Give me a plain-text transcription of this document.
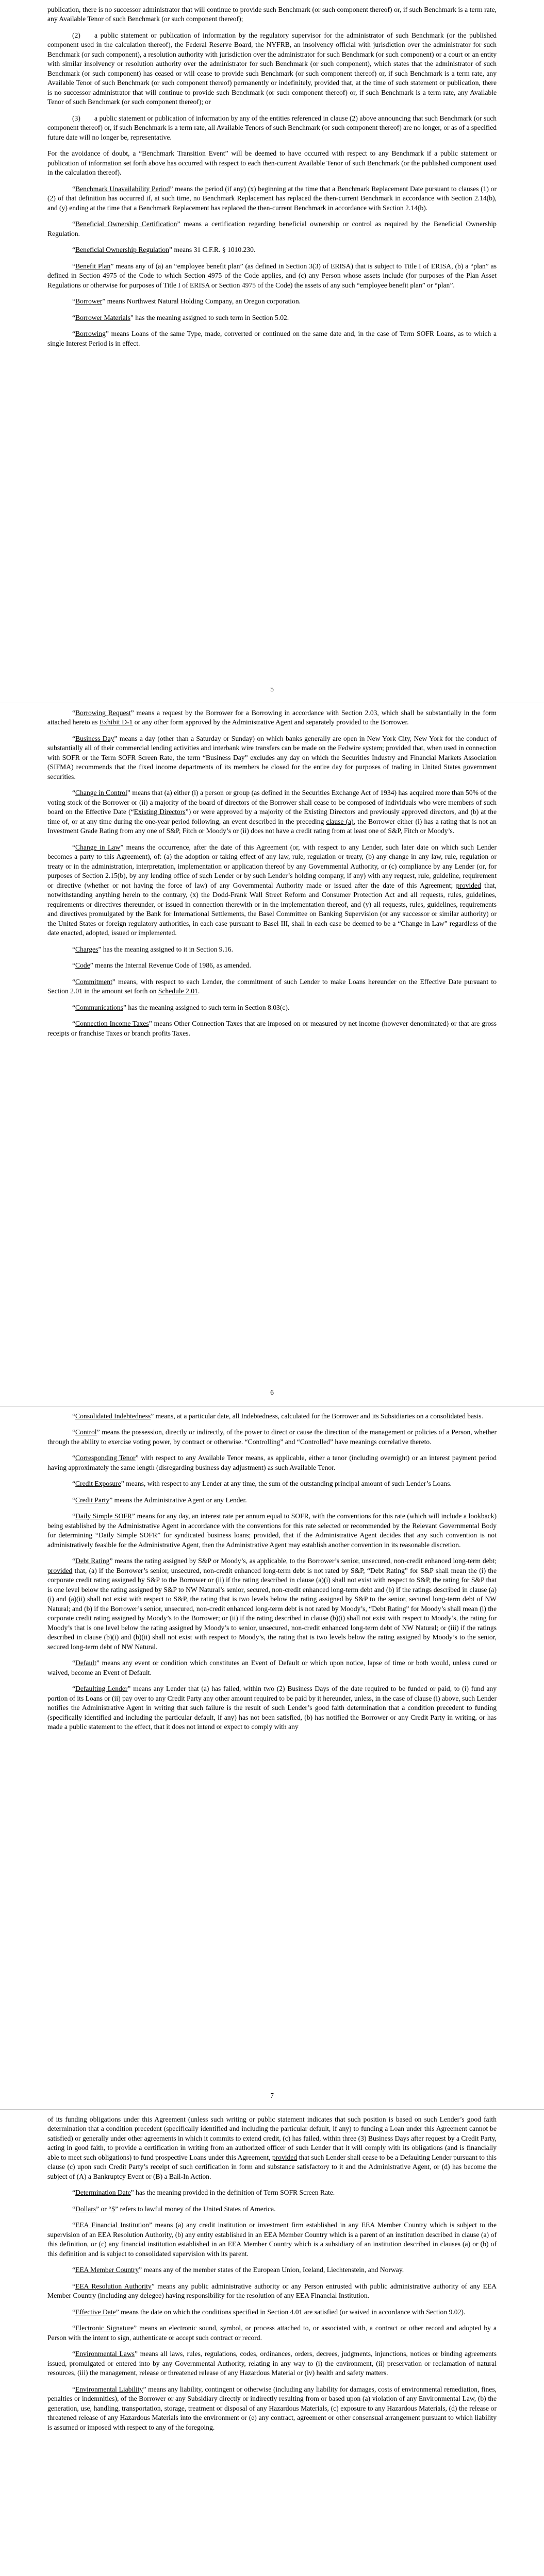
publication, there is no successor administrator that will continue to provide such Benchmark (or such component thereof) or, if such Benchmark is a term rate, any Available Tenor of such Benchmark (or such component thereof);

(2)  a public statement or publication of information by the regulatory supervisor for the administrator of such Benchmark (or the published component used in the calculation thereof), the Federal Reserve Board, the NYFRB, an insolvency official with jurisdiction over the administrator for such Benchmark (or such component), a resolution authority with jurisdiction over the administrator for such Benchmark (or such component) or a court or an entity with similar insolvency or resolution authority over the administrator for such Benchmark (or such component), which states that the administrator of such Benchmark (or such component) has ceased or will cease to provide such Benchmark (or such component thereof) or, if such Benchmark is a term rate, any Available Tenor of such Benchmark (or such component thereof) permanently or indefinitely, provided that, at the time of such statement or publication, there is no successor administrator that will continue to provide such Benchmark (or such component thereof) or, if such Benchmark is a term rate, any Available Tenor of such Benchmark (or such component thereof); or

(3)  a public statement or publication of information by any of the entities referenced in clause (2) above announcing that such Benchmark (or such component thereof) or, if such Benchmark is a term rate, all Available Tenors of such Benchmark (or such component thereof) are no longer, or as of a specified future date will no longer be, representative.

For the avoidance of doubt, a “Benchmark Transition Event” will be deemed to have occurred with respect to any Benchmark if a public statement or publication of information set forth above has occurred with respect to each then-current Available Tenor of such Benchmark (or the published component used in the calculation thereof).

“Benchmark Unavailability Period” means the period (if any) (x) beginning at the time that a Benchmark Replacement Date pursuant to clauses (1) or (2) of that definition has occurred if, at such time, no Benchmark Replacement has replaced the then-current Benchmark in accordance with Section 2.14(b), and (y) ending at the time that a Benchmark Replacement has replaced the then-current Benchmark in accordance with Section 2.14(b).

“Beneficial Ownership Certification” means a certification regarding beneficial ownership or control as required by the Beneficial Ownership Regulation.

“Beneficial Ownership Regulation” means 31 C.F.R. § 1010.230.

“Benefit Plan” means any of (a) an “employee benefit plan” (as defined in Section 3(3) of ERISA) that is subject to Title I of ERISA, (b) a “plan” as defined in Section 4975 of the Code to which Section 4975 of the Code applies, and (c) any Person whose assets include (for purposes of the Plan Asset Regulations or otherwise for purposes of Title I of ERISA or Section 4975 of the Code) the assets of any such “employee benefit plan” or “plan”.

“Borrower” means Northwest Natural Holding Company, an Oregon corporation.

“Borrower Materials” has the meaning assigned to such term in Section 5.02.

“Borrowing” means Loans of the same Type, made, converted or continued on the same date and, in the case of Term SOFR Loans, as to which a single Interest Period is in effect.

5

“Borrowing Request” means a request by the Borrower for a Borrowing in accordance with Section 2.03, which shall be substantially in the form attached hereto as Exhibit D-1 or any other form approved by the Administrative Agent and separately provided to the Borrower.

“Business Day” means a day (other than a Saturday or Sunday) on which banks generally are open in New York City, New York for the conduct of substantially all of their commercial lending activities and interbank wire transfers can be made on the Fedwire system; provided that, when used in connection with SOFR or the Term SOFR Screen Rate, the term “Business Day” excludes any day on which the Securities Industry and Financial Markets Association (SIFMA) recommends that the fixed income departments of its members be closed for the entire day for purposes of trading in United States government securities.

“Change in Control” means that (a) either (i) a person or group (as defined in the Securities Exchange Act of 1934) has acquired more than 50% of the voting stock of the Borrower or (ii) a majority of the board of directors of the Borrower shall cease to be composed of individuals who were members of such board on the Effective Date (“Existing Directors”) or were approved by a majority of the Existing Directors and previously approved directors, and (b) at the time of, or at any time during the one-year period following, an event described in the preceding clause (a), the Borrower either (i) has a rating that is not an Investment Grade Rating from any one of S&P, Fitch or Moody’s or (ii) does not have a credit rating from at least one of S&P, Fitch or Moody’s.

“Change in Law” means the occurrence, after the date of this Agreement (or, with respect to any Lender, such later date on which such Lender becomes a party to this Agreement), of: (a) the adoption or taking effect of any law, rule, regulation or treaty, (b) any change in any law, rule, regulation or treaty or in the administration, interpretation, implementation or application thereof by any Governmental Authority, or (c) compliance by any Lender (or, for purposes of Section 2.15(b), by any lending office of such Lender or by such Lender’s holding company, if any) with any request, rule, guideline, requirement or directive (whether or not having the force of law) of any Governmental Authority made or issued after the date of this Agreement; provided that, notwithstanding anything herein to the contrary, (x) the Dodd-Frank Wall Street Reform and Consumer Protection Act and all requests, rules, guidelines, requirements or directives thereunder, or issued in connection therewith or in the implementation thereof, and (y) all requests, rules, guidelines, requirements and directives promulgated by the Bank for International Settlements, the Basel Committee on Banking Supervision (or any successor or similar authority) or the United States or foreign regulatory authorities, in each case pursuant to Basel III, shall in each case be deemed to be a “Change in Law” regardless of the date enacted, adopted, issued or implemented.

“Charges” has the meaning assigned to it in Section 9.16.

“Code” means the Internal Revenue Code of 1986, as amended.

“Commitment” means, with respect to each Lender, the commitment of such Lender to make Loans hereunder on the Effective Date pursuant to Section 2.01 in the amount set forth on Schedule 2.01.

“Communications” has the meaning assigned to such term in Section 8.03(c).

“Connection Income Taxes” means Other Connection Taxes that are imposed on or measured by net income (however denominated) or that are gross receipts or franchise Taxes or branch profits Taxes.

6

“Consolidated Indebtedness” means, at a particular date, all Indebtedness, calculated for the Borrower and its Subsidiaries on a consolidated basis.

“Control” means the possession, directly or indirectly, of the power to direct or cause the direction of the management or policies of a Person, whether through the ability to exercise voting power, by contract or otherwise. “Controlling” and “Controlled” have meanings correlative thereto.

“Corresponding Tenor” with respect to any Available Tenor means, as applicable, either a tenor (including overnight) or an interest payment period having approximately the same length (disregarding business day adjustment) as such Available Tenor.

“Credit Exposure” means, with respect to any Lender at any time, the sum of the outstanding principal amount of such Lender’s Loans.

“Credit Party” means the Administrative Agent or any Lender.

“Daily Simple SOFR” means for any day, an interest rate per annum equal to SOFR, with the conventions for this rate (which will include a lookback) being established by the Administrative Agent in accordance with the conventions for this rate selected or recommended by the Relevant Governmental Body for determining “Daily Simple SOFR” for syndicated business loans; provided, that if the Administrative Agent decides that any such convention is not administratively feasible for the Administrative Agent, then the Administrative Agent may establish another convention in its reasonable discretion.

“Debt Rating” means the rating assigned by S&P or Moody’s, as applicable, to the Borrower’s senior, unsecured, non-credit enhanced long-term debt; provided that, (a) if the Borrower’s senior, unsecured, non-credit enhanced long-term debt is not rated by S&P, “Debt Rating” for S&P shall mean the (i) the corporate credit rating assigned by S&P to the Borrower or (ii) if the rating described in clause (a)(i) shall not exist with respect to S&P, the rating for S&P that is one level below the rating assigned by S&P to NW Natural’s senior, secured, non-credit enhanced long-term debt and (b) if the ratings described in clause (a)(i) and (a)(ii) shall not exist with respect to S&P, the rating that is two levels below the rating assigned by S&P to the senior, secured long-term debt of NW Natural; and (b) if the Borrower’s senior, unsecured, non-credit enhanced long-term debt is not rated by Moody’s, “Debt Rating” for Moody’s shall mean (i) the corporate credit rating assigned by Moody’s to the Borrower; or (ii) if the rating described in clause (b)(i) shall not exist with respect to Moody’s, the rating for Moody’s that is one level below the rating assigned by Moody’s to senior, unsecured, non-credit enhanced long-term debt of NW Natural; or (iii) if the ratings described in clause (b)(i) and (b)(ii) shall not exist with respect to Moody’s, the rating that is two levels below the rating assigned by Moody’s to the senior, secured long-term debt of NW Natural.

“Default” means any event or condition which constitutes an Event of Default or which upon notice, lapse of time or both would, unless cured or waived, become an Event of Default.

“Defaulting Lender” means any Lender that (a) has failed, within two (2) Business Days of the date required to be funded or paid, to (i) fund any portion of its Loans or (ii) pay over to any Credit Party any other amount required to be paid by it hereunder, unless, in the case of clause (i) above, such Lender notifies the Administrative Agent in writing that such failure is the result of such Lender’s good faith determination that a condition precedent to funding (specifically identified and including the particular default, if any) has not been satisfied, (b) has notified the Borrower or any Credit Party in writing, or has made a public statement to the effect, that it does not intend or expect to comply with any

7

of its funding obligations under this Agreement (unless such writing or public statement indicates that such position is based on such Lender’s good faith determination that a condition precedent (specifically identified and including the particular default, if any) to funding a Loan under this Agreement cannot be satisfied) or generally under other agreements in which it commits to extend credit, (c) has failed, within three (3) Business Days after request by a Credit Party, acting in good faith, to provide a certification in writing from an authorized officer of such Lender that it will comply with its obligations (and is financially able to meet such obligations) to fund prospective Loans under this Agreement, provided that such Lender shall cease to be a Defaulting Lender pursuant to this clause (c) upon such Credit Party’s receipt of such certification in form and substance satisfactory to it and the Administrative Agent, or (d) has become the subject of (A) a Bankruptcy Event or (B) a Bail-In Action.

“Determination Date” has the meaning provided in the definition of Term SOFR Screen Rate.

“Dollars” or “$” refers to lawful money of the United States of America.

“EEA Financial Institution” means (a) any credit institution or investment firm established in any EEA Member Country which is subject to the supervision of an EEA Resolution Authority, (b) any entity established in an EEA Member Country which is a parent of an institution described in clause (a) of this definition, or (c) any financial institution established in an EEA Member Country which is a subsidiary of an institution described in clauses (a) or (b) of this definition and is subject to consolidated supervision with its parent.

“EEA Member Country” means any of the member states of the European Union, Iceland, Liechtenstein, and Norway.

“EEA Resolution Authority” means any public administrative authority or any Person entrusted with public administrative authority of any EEA Member Country (including any delegee) having responsibility for the resolution of any EEA Financial Institution.

“Effective Date” means the date on which the conditions specified in Section 4.01 are satisfied (or waived in accordance with Section 9.02).

“Electronic Signature” means an electronic sound, symbol, or process attached to, or associated with, a contract or other record and adopted by a Person with the intent to sign, authenticate or accept such contract or record.

“Environmental Laws” means all laws, rules, regulations, codes, ordinances, orders, decrees, judgments, injunctions, notices or binding agreements issued, promulgated or entered into by any Governmental Authority, relating in any way to (i) the environment, (ii) preservation or reclamation of natural resources, (iii) the management, release or threatened release of any Hazardous Material or (iv) health and safety matters.

“Environmental Liability” means any liability, contingent or otherwise (including any liability for damages, costs of environmental remediation, fines, penalties or indemnities), of the Borrower or any Subsidiary directly or indirectly resulting from or based upon (a) violation of any Environmental Law, (b) the generation, use, handling, transportation, storage, treatment or disposal of any Hazardous Materials, (c) exposure to any Hazardous Materials, (d) the release or threatened release of any Hazardous Materials into the environment or (e) any contract, agreement or other consensual arrangement pursuant to which liability is assumed or imposed with respect to any of the foregoing.
